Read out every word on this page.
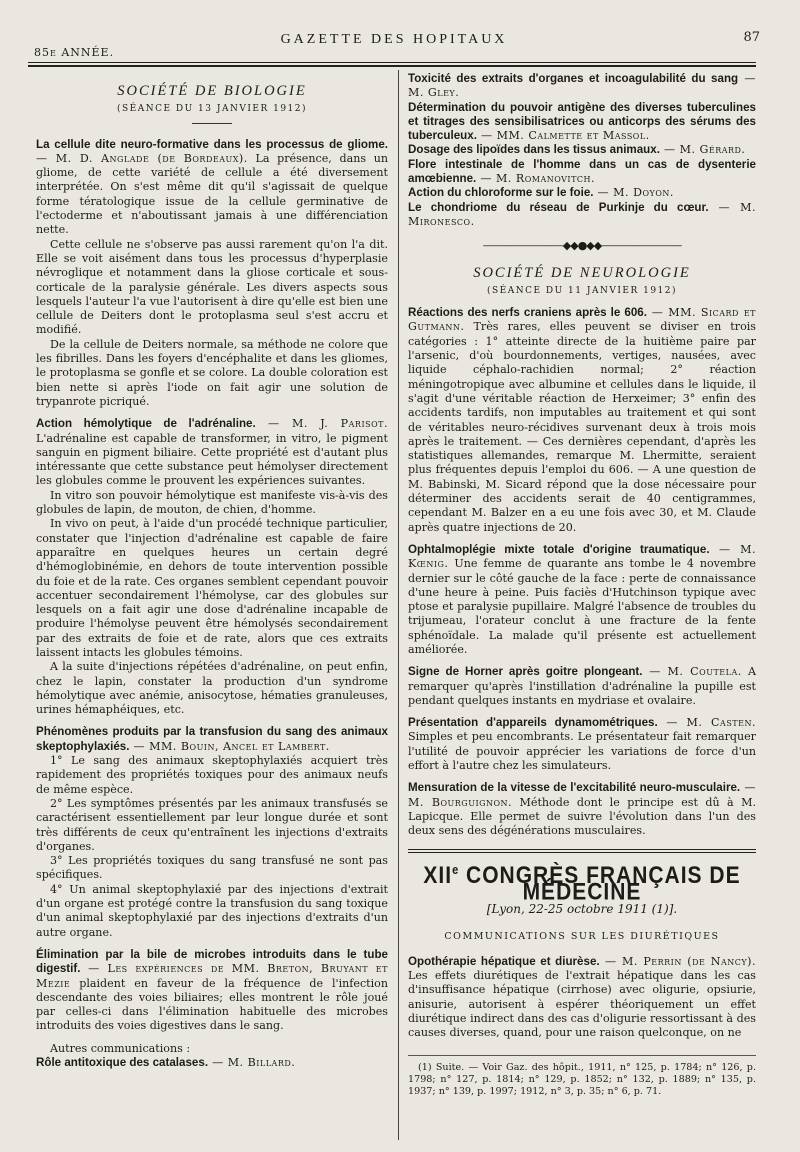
85e ANNÉE.
GAZETTE DES HOPITAUX	87
SOCIÉTÉ DE BIOLOGIE
(SÉANCE DU 13 JANVIER 1912)

La cellule dite neuro-formative dans les processus de gliome. — M. D. Anglade (de Bordeaux). La présence, dans un gliome, de cette variété de cellule a été diversement interprétée. On s'est même dit qu'il s'agissait de quelque forme tératologique issue de la cellule germinative de l'ectoderme et n'aboutissant jamais à une différenciation nette.

Cette cellule ne s'observe pas aussi rarement qu'on l'a dit. Elle se voit aisément dans tous les processus d'hyperplasie névroglique et notamment dans la gliose corticale et sous-corticale de la paralysie générale. Les divers aspects sous lesquels l'auteur l'a vue l'autorisent à dire qu'elle est bien une cellule de Deiters dont le protoplasma seul s'est accru et modifié.

De la cellule de Deiters normale, sa méthode ne colore que les fibrilles. Dans les foyers d'encéphalite et dans les gliomes, le protoplasma se gonfle et se colore. La double coloration est bien nette si après l'iode on fait agir une solution de trypanrote picriqué.

Action hémolytique de l'adrénaline. — M. J. Parisot. L'adrénaline est capable de transformer, in vitro, le pigment sanguin en pigment biliaire. Cette propriété est d'autant plus intéressante que cette substance peut hémolyser directement les globules comme le prouvent les expériences suivantes.

In vitro son pouvoir hémolytique est manifeste vis-à-vis des globules de lapin, de mouton, de chien, d'homme.

In vivo on peut, à l'aide d'un procédé technique particulier, constater que l'injection d'adrénaline est capable de faire apparaître en quelques heures un certain degré d'hémoglobinémie, en dehors de toute intervention possible du foie et de la rate. Ces organes semblent cependant pouvoir accentuer secondairement l'hémolyse, car des globules sur lesquels on a fait agir une dose d'adrénaline incapable de produire l'hémolyse peuvent être hémolysés secondairement par des extraits de foie et de rate, alors que ces extraits laissent intacts les globules témoins.

A la suite d'injections répétées d'adrénaline, on peut enfin, chez le lapin, constater la production d'un syndrome hémolytique avec anémie, anisocytose, hématies granuleuses, urines hémaphéiques, etc.

Phénomènes produits par la transfusion du sang des animaux skeptophylaxiés. — MM. Bouin, Ancel et Lambert.

1° Le sang des animaux skeptophylaxiés acquiert très rapidement des propriétés toxiques pour des animaux neufs de même espèce.

2° Les symptômes présentés par les animaux transfusés se caractérisent essentiellement par leur longue durée et sont très différents de ceux qu'entraînent les injections d'extraits d'organes.

3° Les propriétés toxiques du sang transfusé ne sont pas spécifiques.

4° Un animal skeptophylaxié par des injections d'extrait d'un organe est protégé contre la transfusion du sang toxique d'un animal skeptophylaxié par des injections d'extraits d'un autre organe.

Élimination par la bile de microbes introduits dans le tube digestif. — Les expériences de MM. Breton, Bruyant et Mezie plaident en faveur de la fréquence de l'infection descendante des voies biliaires; elles montrent le rôle joué par celles-ci dans l'élimination habituelle des microbes introduits des voies digestives dans le sang.

Autres communications :

Rôle antitoxique des catalases. — M. Billard.

Toxicité des extraits d'organes et incoagulabilité du sang — M. Gley.

Détermination du pouvoir antigène des diverses tuberculines et titrages des sensibilisatrices ou anticorps des sérums des tuberculeux. — MM. Calmette et Massol.

Dosage des lipoïdes dans les tissus animaux. — M. Gérard.

Flore intestinale de l'homme dans un cas de dysenterie amœbienne. — M. Romanovitch.

Action du chloroforme sur le foie. — M. Doyon.

Le chondriome du réseau de Purkinje du cœur. — M. Mironesco.

————————◆◆●◆◆————————
SOCIÉTÉ DE NEUROLOGIE
(SÉANCE DU 11 JANVIER 1912)

Réactions des nerfs craniens après le 606. — MM. Sicard et Gutmann. Très rares, elles peuvent se diviser en trois catégories : 1° atteinte directe de la huitième paire par l'arsenic, d'où bourdonnements, vertiges, nausées, avec liquide céphalo-rachidien normal; 2° réaction méningotropique avec albumine et cellules dans le liquide, il s'agit d'une véritable réaction de Herxeimer; 3° enfin des accidents tardifs, non imputables au traitement et qui sont de véritables neuro-récidives survenant deux à trois mois après le traitement. — Ces dernières cependant, d'après les statistiques allemandes, remarque M. Lhermitte, seraient plus fréquentes depuis l'emploi du 606. — A une question de M. Babinski, M. Sicard répond que la dose nécessaire pour déterminer des accidents serait de 40 centigrammes, cependant M. Balzer en a eu une fois avec 30, et M. Claude après quatre injections de 20.

Ophtalmoplégie mixte totale d'origine traumatique. — M. Kœnig. Une femme de quarante ans tombe le 4 novembre dernier sur le côté gauche de la face : perte de connaissance d'une heure à peine. Puis faciès d'Hutchinson typique avec ptose et paralysie pupillaire. Malgré l'absence de troubles du trijumeau, l'orateur conclut à une fracture de la fente sphénoïdale. La malade qu'il présente est actuellement améliorée.

Signe de Horner après goitre plongeant. — M. Coutela. A remarquer qu'après l'instillation d'adrénaline la pupille est pendant quelques instants en mydriase et ovalaire.

Présentation d'appareils dynamométriques. — M. Casten. Simples et peu encombrants. Le présentateur fait remarquer l'utilité de pouvoir apprécier les variations de force d'un effort à l'autre chez les simulateurs.

Mensuration de la vitesse de l'excitabilité neuro-musculaire. — M. Bourguignon. Méthode dont le principe est dû à M. Lapicque. Elle permet de suivre l'évolution dans l'un des deux sens des dégénérations musculaires.

XIIe CONGRÈS FRANÇAIS DE MÉDECINE
[Lyon, 22-25 octobre 1911 (1)].
COMMUNICATIONS SUR LES DIURÉTIQUES

Opothérapie hépatique et diurèse. — M. Perrin (de Nancy). Les effets diurétiques de l'extrait hépatique dans les cas d'insuffisance hépatique (cirrhose) avec oligurie, opsiurie, anisurie, autorisent à espérer théoriquement un effet diurétique indirect dans des cas d'oligurie ressortissant à des causes diverses, quand, pour une raison quelconque, on ne

(1) Suite. — Voir Gaz. des hôpit., 1911, n° 125, p. 1784; n° 126, p. 1798; n° 127, p. 1814; n° 129, p. 1852; n° 132, p. 1889; n° 135, p. 1937; n° 139, p. 1997; 1912, n° 3, p. 35; n° 6, p. 71.
